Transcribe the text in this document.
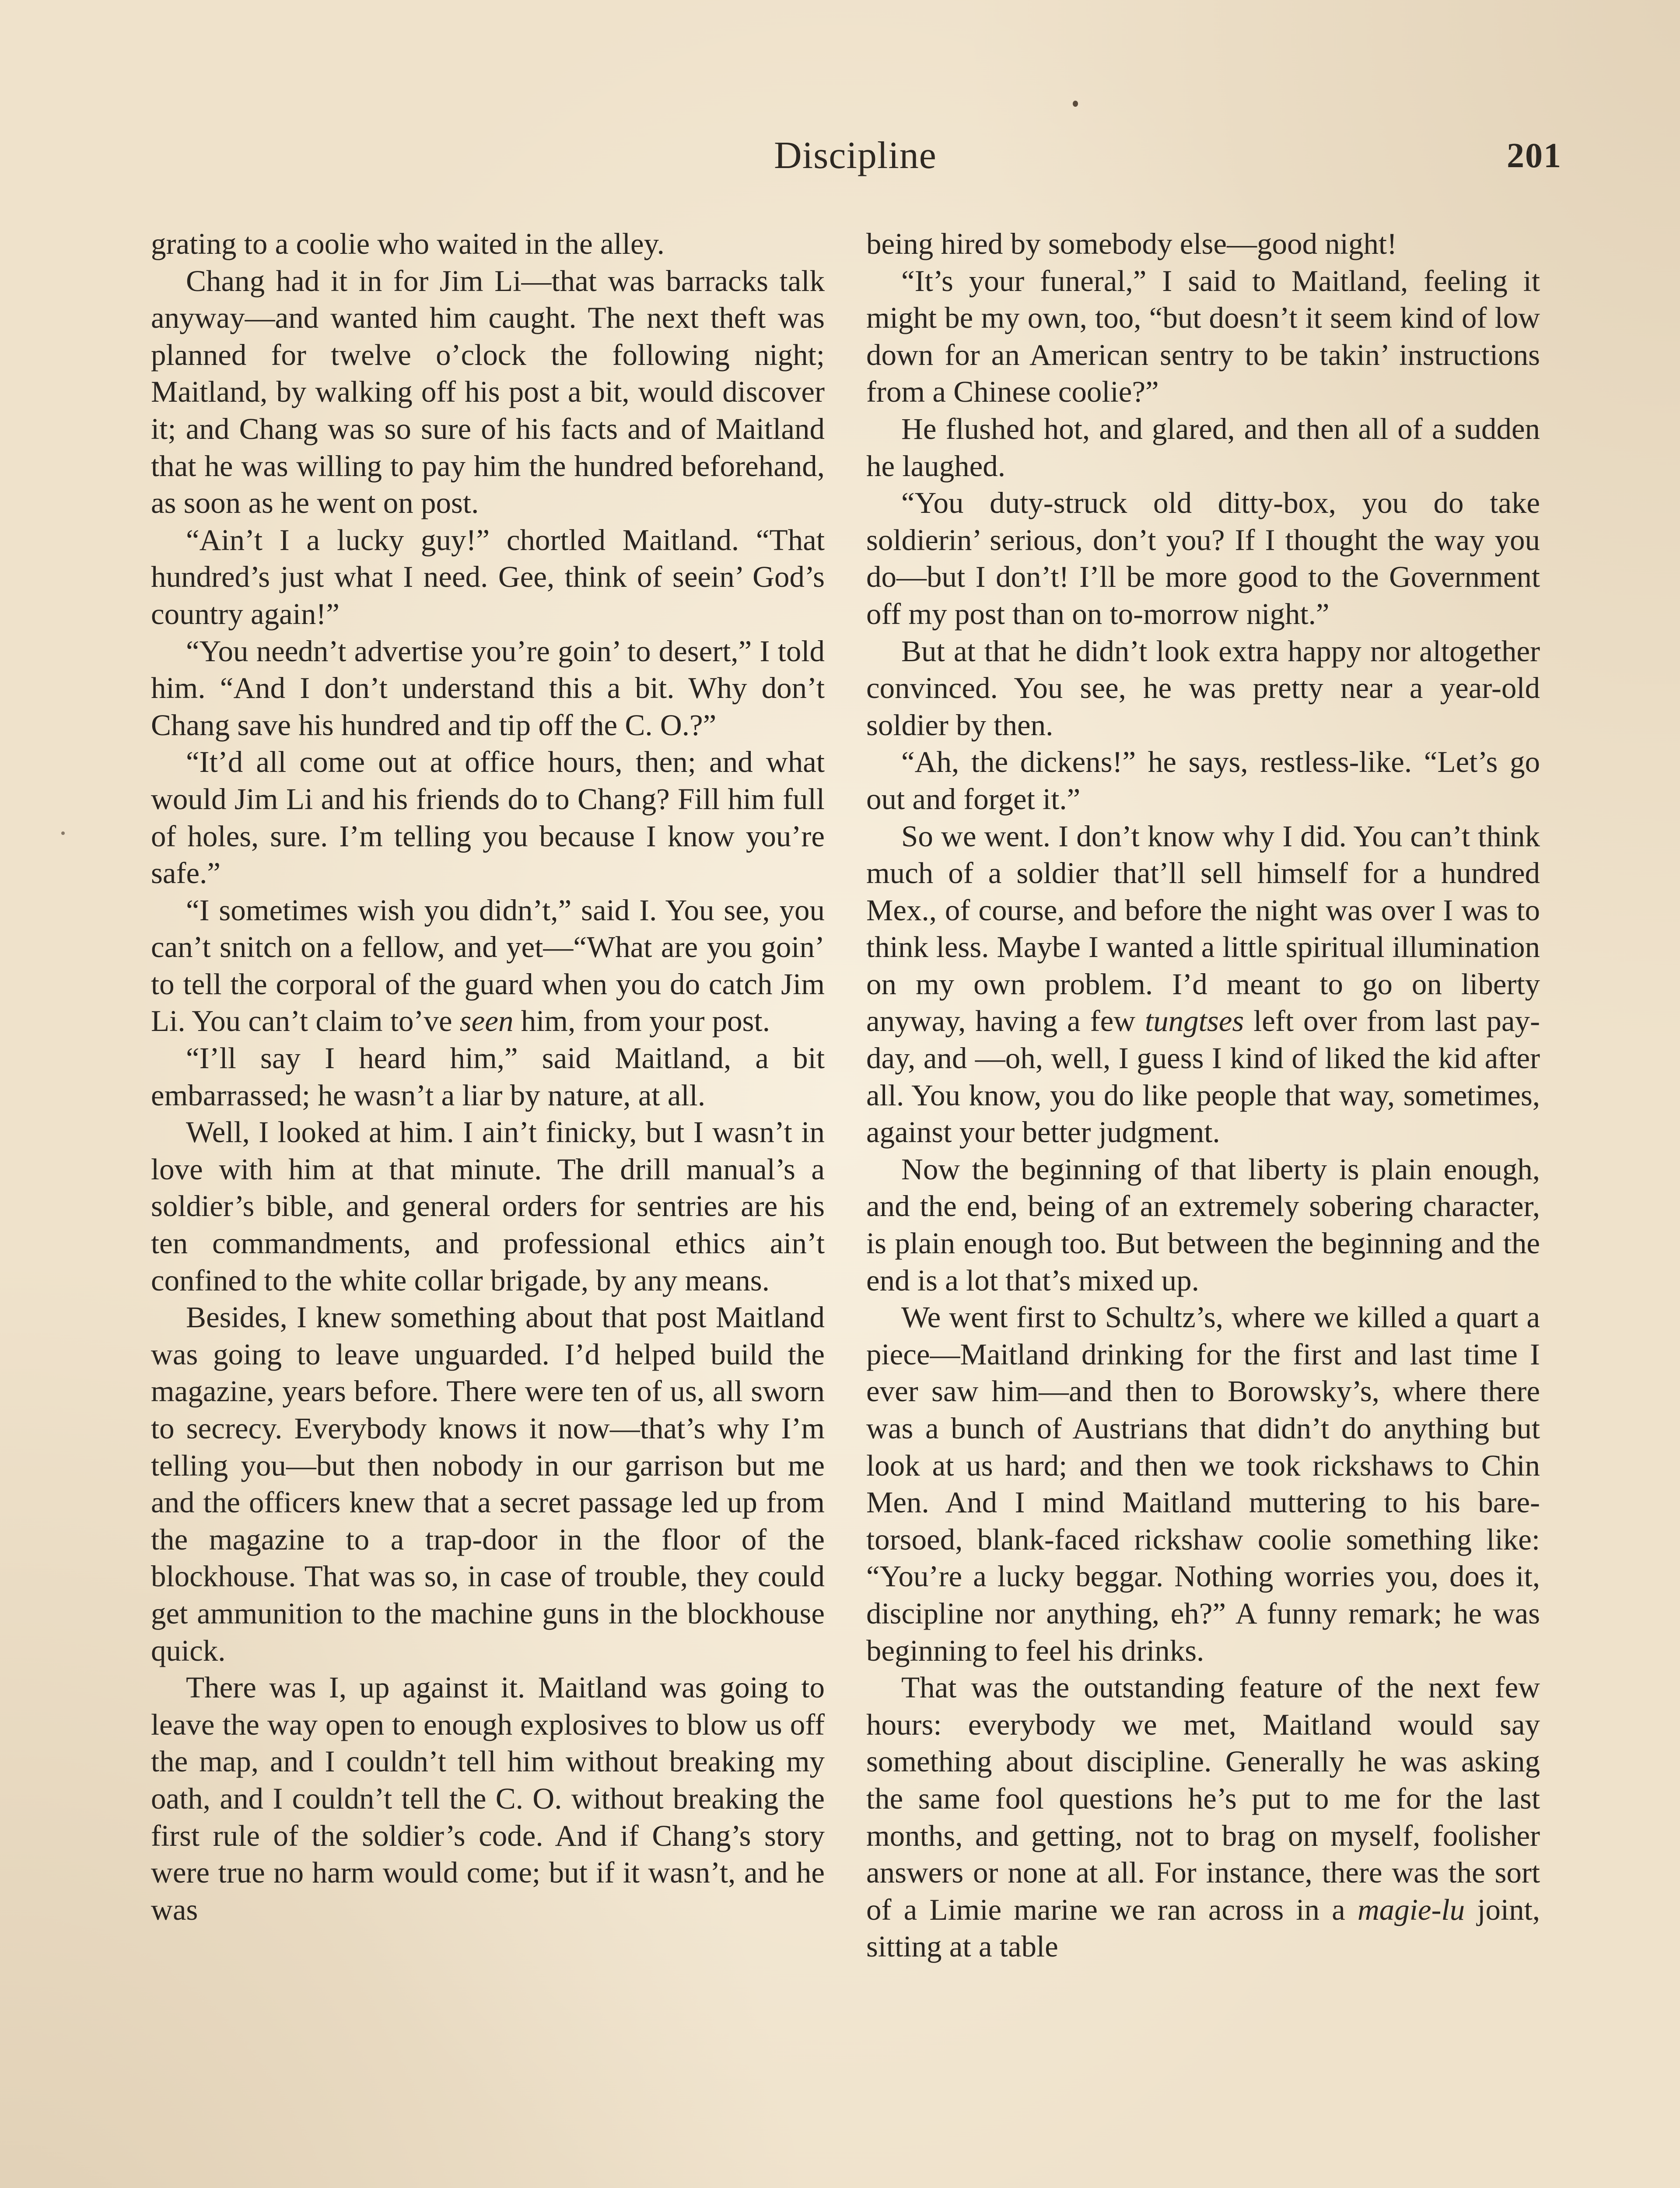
Discipline	201

grating to a coolie who waited in the alley.

Chang had it in for Jim Li—that was barracks talk anyway—and wanted him caught. The next theft was planned for twelve o’clock the following night; Maitland, by walking off his post a bit, would discover it; and Chang was so sure of his facts and of Maitland that he was willing to pay him the hundred beforehand, as soon as he went on post.

“Ain’t I a lucky guy!” chortled Maitland. “That hundred’s just what I need. Gee, think of seein’ God’s country again!”

“You needn’t advertise you’re goin’ to desert,” I told him. “And I don’t understand this a bit. Why don’t Chang save his hundred and tip off the C. O.?”

“It’d all come out at office hours, then; and what would Jim Li and his friends do to Chang? Fill him full of holes, sure. I’m telling you because I know you’re safe.”

“I sometimes wish you didn’t,” said I. You see, you can’t snitch on a fellow, and yet—“What are you goin’ to tell the corporal of the guard when you do catch Jim Li. You can’t claim to’ve seen him, from your post.

“I’ll say I heard him,” said Maitland, a bit embarrassed; he wasn’t a liar by nature, at all.

Well, I looked at him. I ain’t finicky, but I wasn’t in love with him at that minute. The drill manual’s a soldier’s bible, and general orders for sentries are his ten commandments, and professional ethics ain’t confined to the white collar brigade, by any means.

Besides, I knew something about that post Maitland was going to leave unguarded. I’d helped build the magazine, years before. There were ten of us, all sworn to secrecy. Everybody knows it now—that’s why I’m telling you—but then nobody in our garrison but me and the officers knew that a secret passage led up from the magazine to a trap-door in the floor of the blockhouse. That was so, in case of trouble, they could get ammunition to the machine guns in the blockhouse quick.

There was I, up against it. Maitland was going to leave the way open to enough explosives to blow us off the map, and I couldn’t tell him without breaking my oath, and I couldn’t tell the C. O. without breaking the first rule of the soldier’s code. And if Chang’s story were true no harm would come; but if it wasn’t, and he was

being hired by somebody else—good night!

“It’s your funeral,” I said to Maitland, feeling it might be my own, too, “but doesn’t it seem kind of low down for an American sentry to be takin’ instructions from a Chinese coolie?”

He flushed hot, and glared, and then all of a sudden he laughed.

“You duty-struck old ditty-box, you do take soldierin’ serious, don’t you? If I thought the way you do—but I don’t! I’ll be more good to the Government off my post than on to-morrow night.”

But at that he didn’t look extra happy nor altogether convinced. You see, he was pretty near a year-old soldier by then.

“Ah, the dickens!” he says, restless-like. “Let’s go out and forget it.”

So we went. I don’t know why I did. You can’t think much of a soldier that’ll sell himself for a hundred Mex., of course, and before the night was over I was to think less. Maybe I wanted a little spiritual illumination on my own problem. I’d meant to go on liberty anyway, having a few tungtses left over from last pay-day, and —oh, well, I guess I kind of liked the kid after all. You know, you do like people that way, sometimes, against your better judgment.

Now the beginning of that liberty is plain enough, and the end, being of an extremely sobering character, is plain enough too. But between the beginning and the end is a lot that’s mixed up.

We went first to Schultz’s, where we killed a quart a piece—Maitland drinking for the first and last time I ever saw him—and then to Borowsky’s, where there was a bunch of Austrians that didn’t do anything but look at us hard; and then we took rickshaws to Chin Men. And I mind Maitland muttering to his bare-torsoed, blank-faced rickshaw coolie something like: “You’re a lucky beggar. Nothing worries you, does it, discipline nor anything, eh?” A funny remark; he was beginning to feel his drinks.

That was the outstanding feature of the next few hours: everybody we met, Maitland would say something about discipline. Generally he was asking the same fool questions he’s put to me for the last months, and getting, not to brag on myself, foolisher answers or none at all. For instance, there was the sort of a Limie marine we ran across in a magie-lu joint, sitting at a table
